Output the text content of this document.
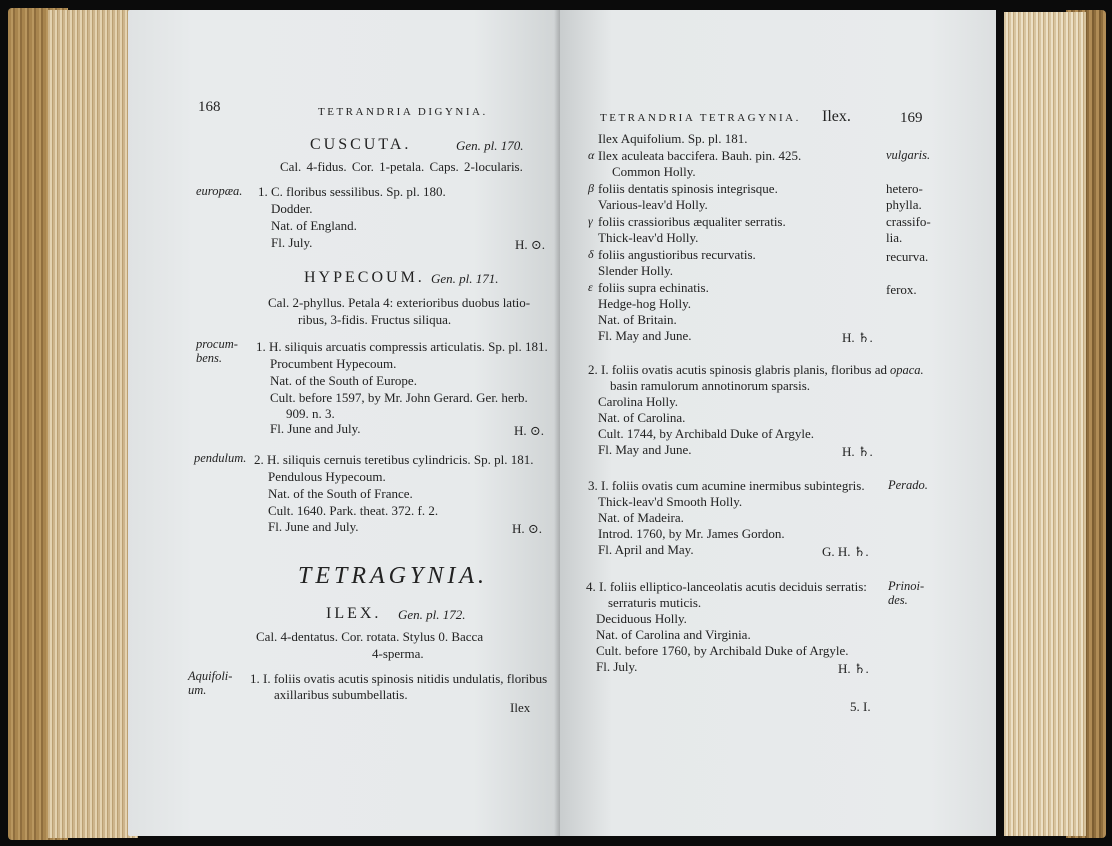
168	TETRANDRIA DIGYNIA.
CUSCUTA.	Gen. pl. 170.
Cal. 4-fidus. Cor. 1-petala. Caps. 2-locularis.
europæa. 1. C. floribus sessilibus. Sp. pl. 180.
Dodder.
Nat. of England.
Fl. July.	H. ⊙.
HYPECOUM. Gen. pl. 171.
Cal. 2-phyllus. Petala 4: exterioribus duobus latio-
ribus, 3-fidis. Fructus siliqua.
procum-
bens.
1. H. siliquis arcuatis compressis articulatis. Sp. pl. 181.
Procumbent Hypecoum.
Nat. of the South of Europe.
Cult. before 1597, by Mr. John Gerard. Ger. herb.
909. n. 3.
Fl. June and July.	H. ⊙.
pendulum. 2. H. siliquis cernuis teretibus cylindricis. Sp. pl. 181.
Pendulous Hypecoum.
Nat. of the South of France.
Cult. 1640. Park. theat. 372. f. 2.
Fl. June and July.	H. ⊙.
TETRAGYNIA.
ILEX. Gen. pl. 172.
Cal. 4-dentatus. Cor. rotata. Stylus 0. Bacca
4-sperma.
Aquifoli-
um.
1. I. foliis ovatis acutis spinosis nitidis undulatis, floribus
axillaribus subumbellatis.
Ilex
TETRANDRIA TETRAGYNIA. Ilex.	169
Ilex Aquifolium. Sp. pl. 181.
α Ilex aculeata baccifera. Bauh. pin. 425.
Common Holly.
vulgaris.
β foliis dentatis spinosis integrisque.
Various-leav'd Holly.
hetero-
phylla.
γ foliis crassioribus æqualiter serratis.
Thick-leav'd Holly.
crassifo-
lia.
δ foliis angustioribus recurvatis.
Slender Holly.
recurva.
ε foliis supra echinatis.
Hedge-hog Holly.
ferox.
Nat. of Britain.
Fl. May and June.	H. ♄.
2. I. foliis ovatis acutis spinosis glabris planis, floribus ad
basin ramulorum annotinorum sparsis.
Carolina Holly.
Nat. of Carolina.
Cult. 1744, by Archibald Duke of Argyle.
Fl. May and June.	H. ♄.
opaca.
3. I. foliis ovatis cum acumine inermibus subintegris.
Thick-leav'd Smooth Holly.
Nat. of Madeira.
Introd. 1760, by Mr. James Gordon.
Fl. April and May.	G. H. ♄.
Perado.
4. I. foliis elliptico-lanceolatis acutis deciduis serratis:
serraturis muticis.
Deciduous Holly.
Nat. of Carolina and Virginia.
Cult. before 1760, by Archibald Duke of Argyle.
Fl. July.	H. ♄.
Prinoi-
des.
5. I.
